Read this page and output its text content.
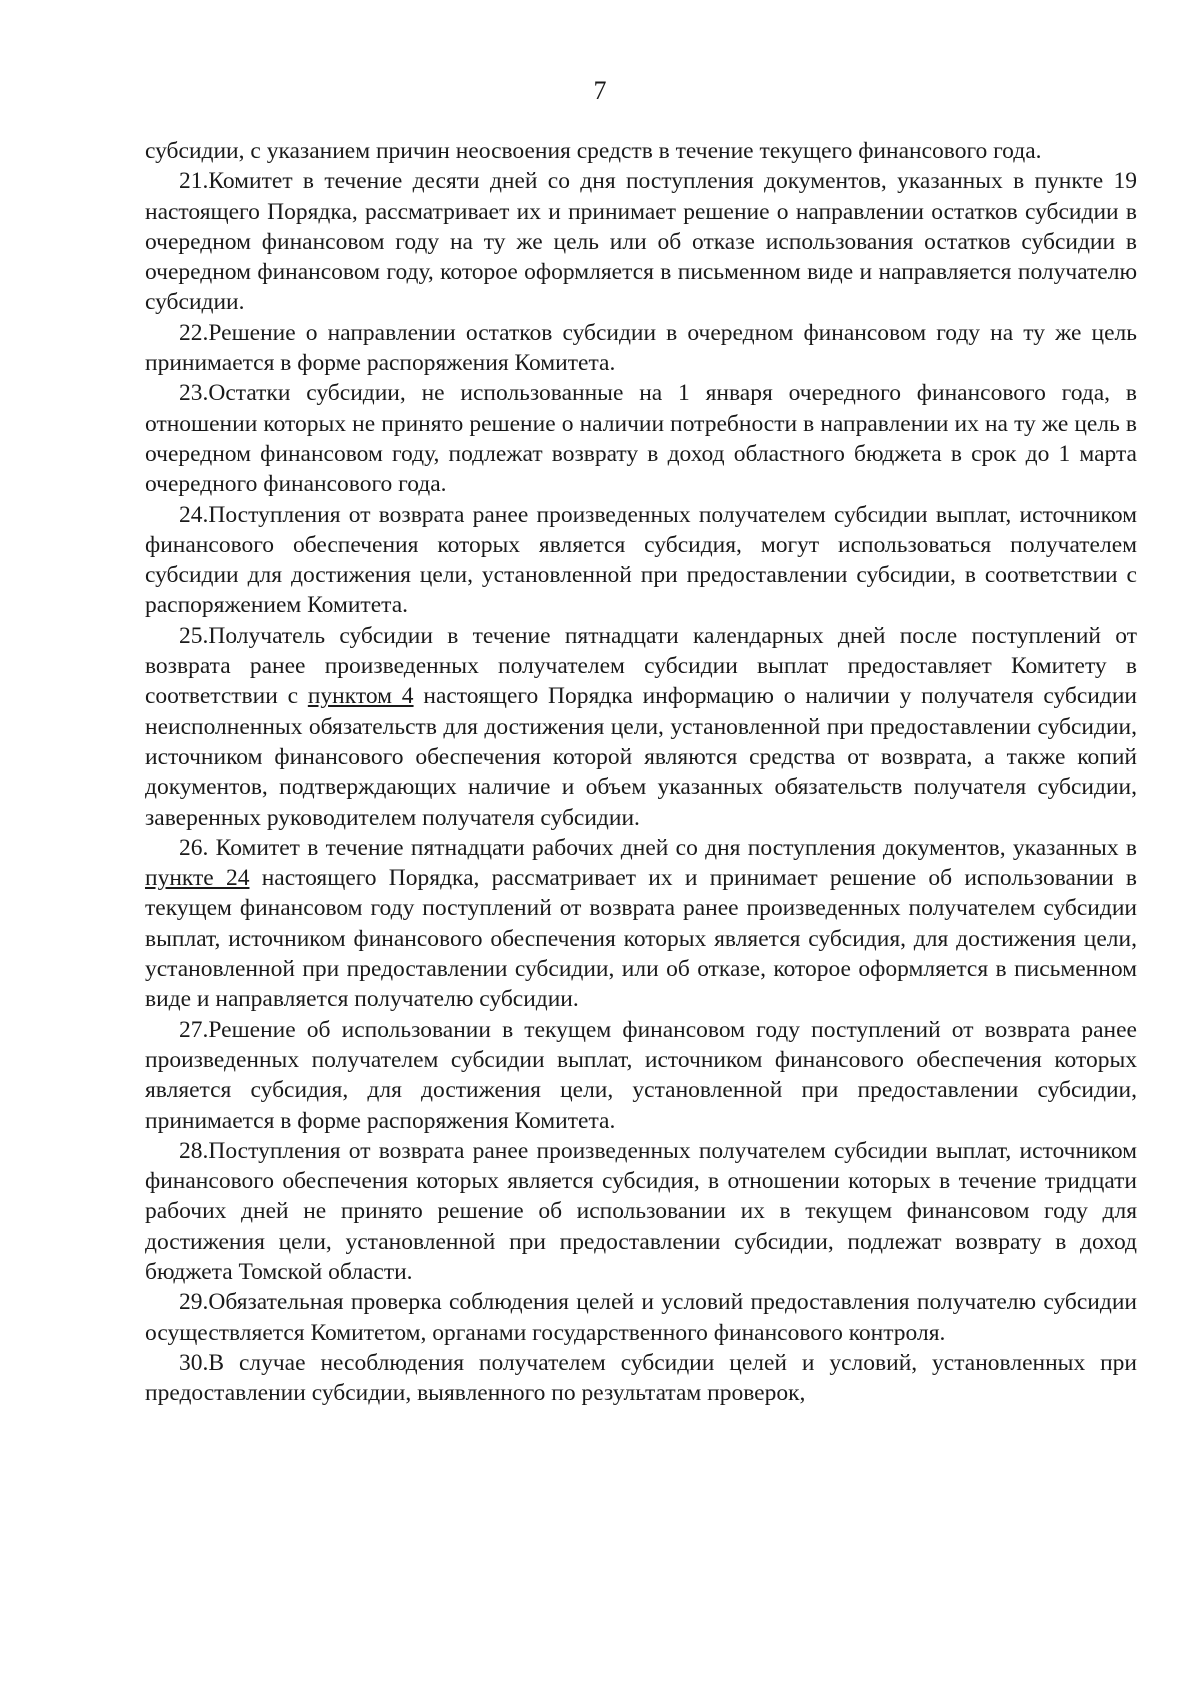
7

субсидии, с указанием причин неосвоения средств в течение текущего финансового года.

21.Комитет в течение десяти дней со дня поступления документов, указанных в пункте 19 настоящего Порядка, рассматривает их и принимает решение о направлении остатков субсидии в очередном финансовом году на ту же цель или об отказе использования остатков субсидии в очередном финансовом году, которое оформляется в письменном виде и направляется получателю субсидии.

22.Решение о направлении остатков субсидии в очередном финансовом году на ту же цель принимается в форме распоряжения Комитета.

23.Остатки субсидии, не использованные на 1 января очередного финансового года, в отношении которых не принято решение о наличии потребности в направлении их на ту же цель в очередном финансовом году, подлежат возврату в доход областного бюджета в срок до 1 марта очередного финансового года.

24.Поступления от возврата ранее произведенных получателем субсидии выплат, источником финансового обеспечения которых является субсидия, могут использоваться получателем субсидии для достижения цели, установленной при предоставлении субсидии, в соответствии с распоряжением Комитета.

25.Получатель субсидии в течение пятнадцати календарных дней после поступлений от возврата ранее произведенных получателем субсидии выплат предоставляет Комитету в соответствии с пунктом 4 настоящего Порядка информацию о наличии у получателя субсидии неисполненных обязательств для достижения цели, установленной при предоставлении субсидии, источником финансового обеспечения которой являются средства от возврата, а также копий документов, подтверждающих наличие и объем указанных обязательств получателя субсидии, заверенных руководителем получателя субсидии.

26. Комитет в течение пятнадцати рабочих дней со дня поступления документов, указанных в пункте 24 настоящего Порядка, рассматривает их и принимает решение об использовании в текущем финансовом году поступлений от возврата ранее произведенных получателем субсидии выплат, источником финансового обеспечения которых является субсидия, для достижения цели, установленной при предоставлении субсидии, или об отказе, которое оформляется в письменном виде и направляется получателю субсидии.

27.Решение об использовании в текущем финансовом году поступлений от возврата ранее произведенных получателем субсидии выплат, источником финансового обеспечения которых является субсидия, для достижения цели, установленной при предоставлении субсидии, принимается в форме распоряжения Комитета.

28.Поступления от возврата ранее произведенных получателем субсидии выплат, источником финансового обеспечения которых является субсидия, в отношении которых в течение тридцати рабочих дней не принято решение об использовании их в текущем финансовом году для достижения цели, установленной при предоставлении субсидии, подлежат возврату в доход бюджета Томской области.

29.Обязательная проверка соблюдения целей и условий предоставления получателю субсидии осуществляется Комитетом, органами государственного финансового контроля.

30.В случае несоблюдения получателем субсидии целей и условий, установленных при предоставлении субсидии, выявленного по результатам проверок,
